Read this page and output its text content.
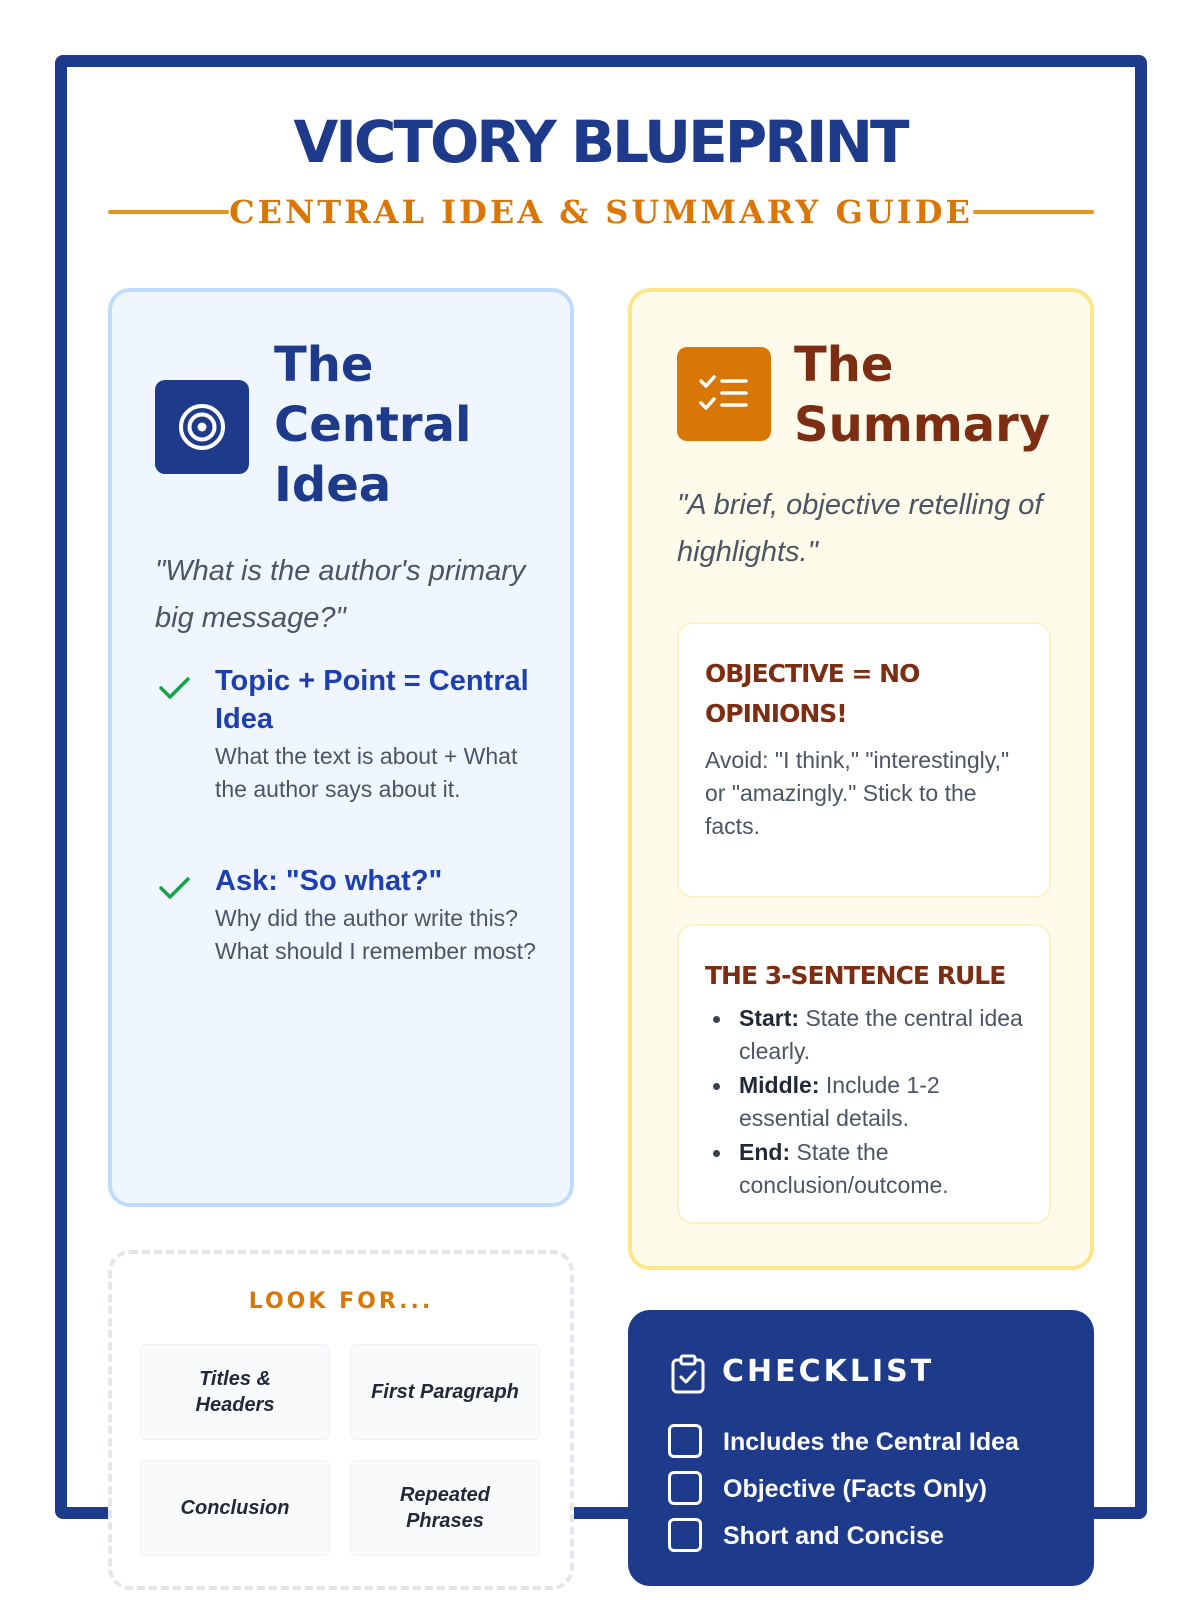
VICTORY BLUEPRINT
CENTRAL IDEA & SUMMARY GUIDE
The Central Idea

"What is the author's primary big message?"

Topic + Point = Central Idea
What the text is about + What the author says about it.
Ask: "So what?"
Why did the author write this? What should I remember most?
The Summary

"A brief, objective retelling of highlights."

OBJECTIVE = NO OPINIONS!
Avoid: "I think," "interestingly," or "amazingly." Stick to the facts.
THE 3-SENTENCE RULE
Start: State the central idea clearly.
Middle: Include 1-2 essential details.
End: State the conclusion/outcome.
LOOK FOR...
Titles & Headers
First Paragraph
Conclusion
Repeated Phrases
CHECKLIST
Includes the Central Idea
Objective (Facts Only)
Short and Concise
